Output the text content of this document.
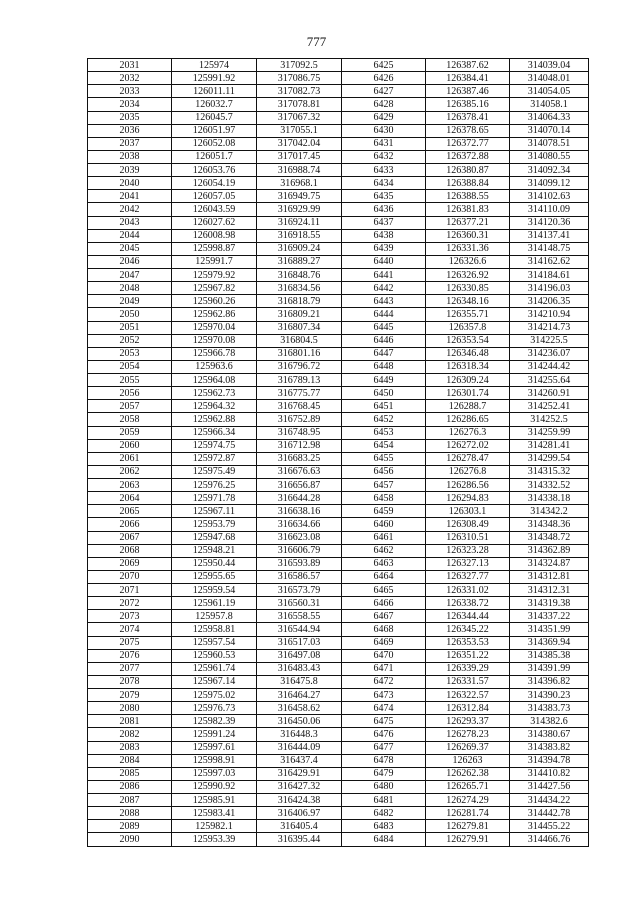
777
2031	125974	317092.5	6425	126387.62	314039.04
2032	125991.92	317086.75	6426	126384.41	314048.01
2033	126011.11	317082.73	6427	126387.46	314054.05
2034	126032.7	317078.81	6428	126385.16	314058.1
2035	126045.7	317067.32	6429	126378.41	314064.33
2036	126051.97	317055.1	6430	126378.65	314070.14
2037	126052.08	317042.04	6431	126372.77	314078.51
2038	126051.7	317017.45	6432	126372.88	314080.55
2039	126053.76	316988.74	6433	126380.87	314092.34
2040	126054.19	316968.1	6434	126388.84	314099.12
2041	126057.05	316949.75	6435	126388.55	314102.63
2042	126043.59	316929.99	6436	126381.83	314110.09
2043	126027.62	316924.11	6437	126377.21	314120.36
2044	126008.98	316918.55	6438	126360.31	314137.41
2045	125998.87	316909.24	6439	126331.36	314148.75
2046	125991.7	316889.27	6440	126326.6	314162.62
2047	125979.92	316848.76	6441	126326.92	314184.61
2048	125967.82	316834.56	6442	126330.85	314196.03
2049	125960.26	316818.79	6443	126348.16	314206.35
2050	125962.86	316809.21	6444	126355.71	314210.94
2051	125970.04	316807.34	6445	126357.8	314214.73
2052	125970.08	316804.5	6446	126353.54	314225.5
2053	125966.78	316801.16	6447	126346.48	314236.07
2054	125963.6	316796.72	6448	126318.34	314244.42
2055	125964.08	316789.13	6449	126309.24	314255.64
2056	125962.73	316775.77	6450	126301.74	314260.91
2057	125964.32	316768.45	6451	126288.7	314252.41
2058	125962.88	316752.89	6452	126286.65	314252.5
2059	125966.34	316748.95	6453	126276.3	314259.99
2060	125974.75	316712.98	6454	126272.02	314281.41
2061	125972.87	316683.25	6455	126278.47	314299.54
2062	125975.49	316676.63	6456	126276.8	314315.32
2063	125976.25	316656.87	6457	126286.56	314332.52
2064	125971.78	316644.28	6458	126294.83	314338.18
2065	125967.11	316638.16	6459	126303.1	314342.2
2066	125953.79	316634.66	6460	126308.49	314348.36
2067	125947.68	316623.08	6461	126310.51	314348.72
2068	125948.21	316606.79	6462	126323.28	314362.89
2069	125950.44	316593.89	6463	126327.13	314324.87
2070	125955.65	316586.57	6464	126327.77	314312.81
2071	125959.54	316573.79	6465	126331.02	314312.31
2072	125961.19	316560.31	6466	126338.72	314319.38
2073	125957.8	316558.55	6467	126344.44	314337.22
2074	125958.81	316544.94	6468	126345.22	314351.99
2075	125957.54	316517.03	6469	126353.53	314369.94
2076	125960.53	316497.08	6470	126351.22	314385.38
2077	125961.74	316483.43	6471	126339.29	314391.99
2078	125967.14	316475.8	6472	126331.57	314396.82
2079	125975.02	316464.27	6473	126322.57	314390.23
2080	125976.73	316458.62	6474	126312.84	314383.73
2081	125982.39	316450.06	6475	126293.37	314382.6
2082	125991.24	316448.3	6476	126278.23	314380.67
2083	125997.61	316444.09	6477	126269.37	314383.82
2084	125998.91	316437.4	6478	126263	314394.78
2085	125997.03	316429.91	6479	126262.38	314410.82
2086	125990.92	316427.32	6480	126265.71	314427.56
2087	125985.91	316424.38	6481	126274.29	314434.22
2088	125983.41	316406.97	6482	126281.74	314442.78
2089	125982.1	316405.4	6483	126279.81	314455.22
2090	125953.39	316395.44	6484	126279.91	314466.76
